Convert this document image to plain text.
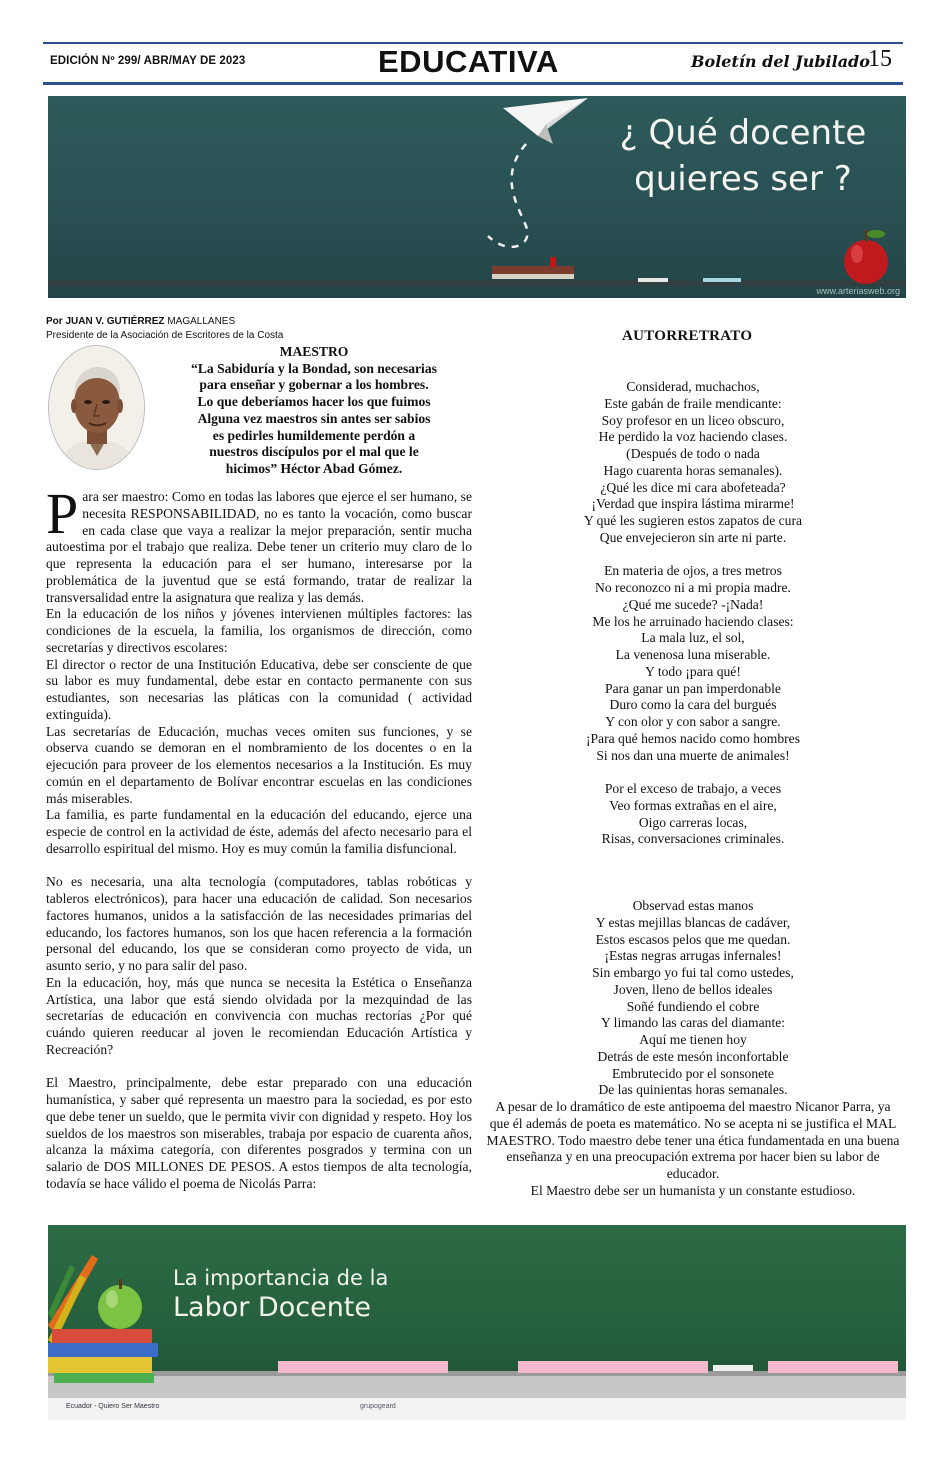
EDICIÓN Nº 299/ ABR/MAY DE 2023	EDUCATIVA	Boletín del Jubilado
15
¿ Qué docente
quieres ser ?
www.arteriasweb.org
Por JUAN V. GUTIÉRREZ MAGALLANES
Presidente de la Asociación de Escritores de la Costa
MAESTRO
“La Sabiduría y la Bondad, son necesarias
para enseñar y gobernar a los hombres.
Lo que deberíamos hacer los que fuimos
Alguna vez maestros sin antes ser sabios
es pedirles humildemente perdón a
nuestros discípulos por el mal que le
hicimos” Héctor Abad Gómez.

Para ser maestro: Como en todas las labores que ejerce el ser humano, se necesita RESPONSABILIDAD, no es tanto la vocación, como buscar en cada clase que vaya a realizar la mejor preparación, sentir mucha autoestima por el trabajo que realiza. Debe tener un criterio muy claro de lo que representa la educación para el ser humano, interesarse por la problemática de la juventud que se está formando, tratar de realizar la transversalidad entre la asignatura que realiza y las demás.

En la educación de los niños y jóvenes intervienen múltiples factores: las condiciones de la escuela, la familia, los organismos de dirección, como secretarías y directivos escolares:

El director o rector de una Institución Educativa, debe ser consciente de que su labor es muy fundamental, debe estar en contacto permanente con sus estudiantes, son necesarias las pláticas con la comunidad ( actividad extinguida).

Las secretarías de Educación, muchas veces omiten sus funciones, y se observa cuando se demoran en el nombramiento de los docentes o en la ejecución para proveer de los elementos necesarios a la Institución. Es muy común en el departamento de Bolívar encontrar escuelas en las condiciones más miserables.

La familia, es parte fundamental en la educación del educando, ejerce una especie de control en la actividad de éste, además del afecto necesario para el desarrollo espiritual del mismo. Hoy es muy común la familia disfuncional.

No es necesaria, una alta tecnología (computadores, tablas robóticas y tableros electrónicos), para hacer una educación de calidad. Son necesarios factores humanos, unidos a la satisfacción de las necesidades primarias del educando, los factores humanos, son los que hacen referencia a la formación personal del educando, los que se consideran como proyecto de vida, un asunto serio, y no para salir del paso.

En la educación, hoy, más que nunca se necesita la Estética o Enseñanza Artística, una labor que está siendo olvidada por la mezquindad de las secretarías de educación en convivencia con muchas rectorías ¿Por qué cuándo quieren reeducar al joven le recomiendan Educación Artística y Recreación?

El Maestro, principalmente, debe estar preparado con una educación humanística, y saber qué representa un maestro para la sociedad, es por esto que debe tener un sueldo, que le permita vivir con dignidad y respeto. Hoy los sueldos de los maestros son miserables, trabaja por espacio de cuarenta años, alcanza la máxima categoría, con diferentes posgrados y termina con un salario de DOS MILLONES DE PESOS. A estos tiempos de alta tecnología, todavía se hace válido el poema de Nicolás Parra:

AUTORRETRATO
Considerad, muchachos,
Este gabán de fraile mendicante:
Soy profesor en un liceo obscuro,
He perdido la voz haciendo clases.
(Después de todo o nada
Hago cuarenta horas semanales).
¿Qué les dice mi cara abofeteada?
¡Verdad que inspira lástima mirarme!
Y qué les sugieren estos zapatos de cura
Que envejecieron sin arte ni parte.
En materia de ojos, a tres metros
No reconozco ni a mi propia madre.
¿Qué me sucede? -¡Nada!
Me los he arruinado haciendo clases:
La mala luz, el sol,
La venenosa luna miserable.
Y todo ¡para qué!
Para ganar un pan imperdonable
Duro como la cara del burgués
Y con olor y con sabor a sangre.
¡Para qué hemos nacido como hombres
Si nos dan una muerte de animales!
Por el exceso de trabajo, a veces
Veo formas extrañas en el aire,
Oigo carreras locas,
Risas, conversaciones criminales.
Observad estas manos
Y estas mejillas blancas de cadáver,
Estos escasos pelos que me quedan.
¡Estas negras arrugas infernales!
Sin embargo yo fui tal como ustedes,
Joven, lleno de bellos ideales
Soñé fundiendo el cobre
Y limando las caras del diamante:
Aquí me tienen hoy
Detrás de este mesón inconfortable
Embrutecido por el sonsonete
De las quinientas horas semanales.

A pesar de lo dramático de este antipoema del maestro Nicanor Parra, ya que él además de poeta es matemático. No se acepta ni se justifica el MAL MAESTRO. Todo maestro debe tener una ética fundamentada en una buena enseñanza y en una preocupación extrema por hacer bien su labor de educador.

El Maestro debe ser un humanista y un constante estudioso.

La importancia de la
Labor Docente
Ecuador - Quiero Ser Maestro	grupogeard
